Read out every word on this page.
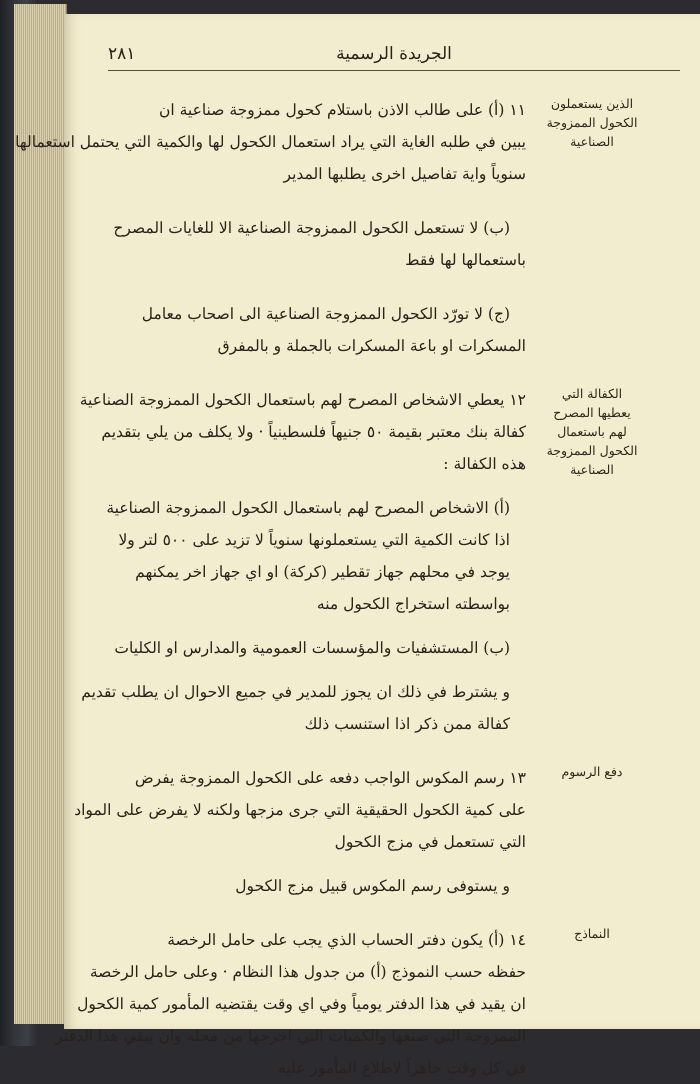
٢٨١	الجريدة الرسمية
الذين يستعملون الكحول الممزوجة الصناعية
١١ (أ) على طالب الاذن باستلام كحول ممزوجة صناعية ان
يبين في طلبه الغاية التي يراد استعمال الكحول لها والكمية التي يحتمل استعمالها
سنوياً واية تفاصيل اخرى يطلبها المدير
(ب) لا تستعمل الكحول الممزوجة الصناعية الا للغايات المصرح
باستعمالها لها فقط
(ج) لا تورّد الكحول الممزوجة الصناعية الى اصحاب معامل
المسكرات او باعة المسكرات بالجملة و بالمفرق
الكفالة التي يعطيها المصرح لهم باستعمال الكحول الممزوجة الصناعية
١٢ يعطي الاشخاص المصرح لهم باستعمال الكحول الممزوجة الصناعية
كفالة بنك معتبر بقيمة ٥٠ جنيهاً فلسطينياً · ولا يكلف من يلي بتقديم
هذه الكفالة :
(أ) الاشخاص المصرح لهم باستعمال الكحول الممزوجة الصناعية
اذا كانت الكمية التي يستعملونها سنوياً لا تزيد على ٥٠٠ لتر ولا
يوجد في محلهم جهاز تقطير (كركة) او اي جهاز اخر يمكنهم
بواسطته استخراج الكحول منه
(ب) المستشفيات والمؤسسات العمومية والمدارس او الكليات
و يشترط في ذلك ان يجوز للمدير في جميع الاحوال ان يطلب تقديم
كفالة ممن ذكر اذا استنسب ذلك
دفع الرسوم
١٣ رسم المكوس الواجب دفعه على الكحول الممزوجة يفرض
على كمية الكحول الحقيقية التي جرى مزجها ولكنه لا يفرض على المواد
التي تستعمل في مزج الكحول
و يستوفى رسم المكوس قبيل مزج الكحول
النماذج
١٤ (أ) يكون دفتر الحساب الذي يجب على حامل الرخصة
حفظه حسب النموذج (أ) من جدول هذا النظام · وعلى حامل الرخصة
ان يقيد في هذا الدفتر يومياً وفي اي وقت يقتضيه المأمور كمية الكحول
الممزوجة التي صنعها والكميات التي اخرجها من محله وان يبقي هذا الدفتر
في كل وقت جاهزاً لاطلاع المأمور عليه
